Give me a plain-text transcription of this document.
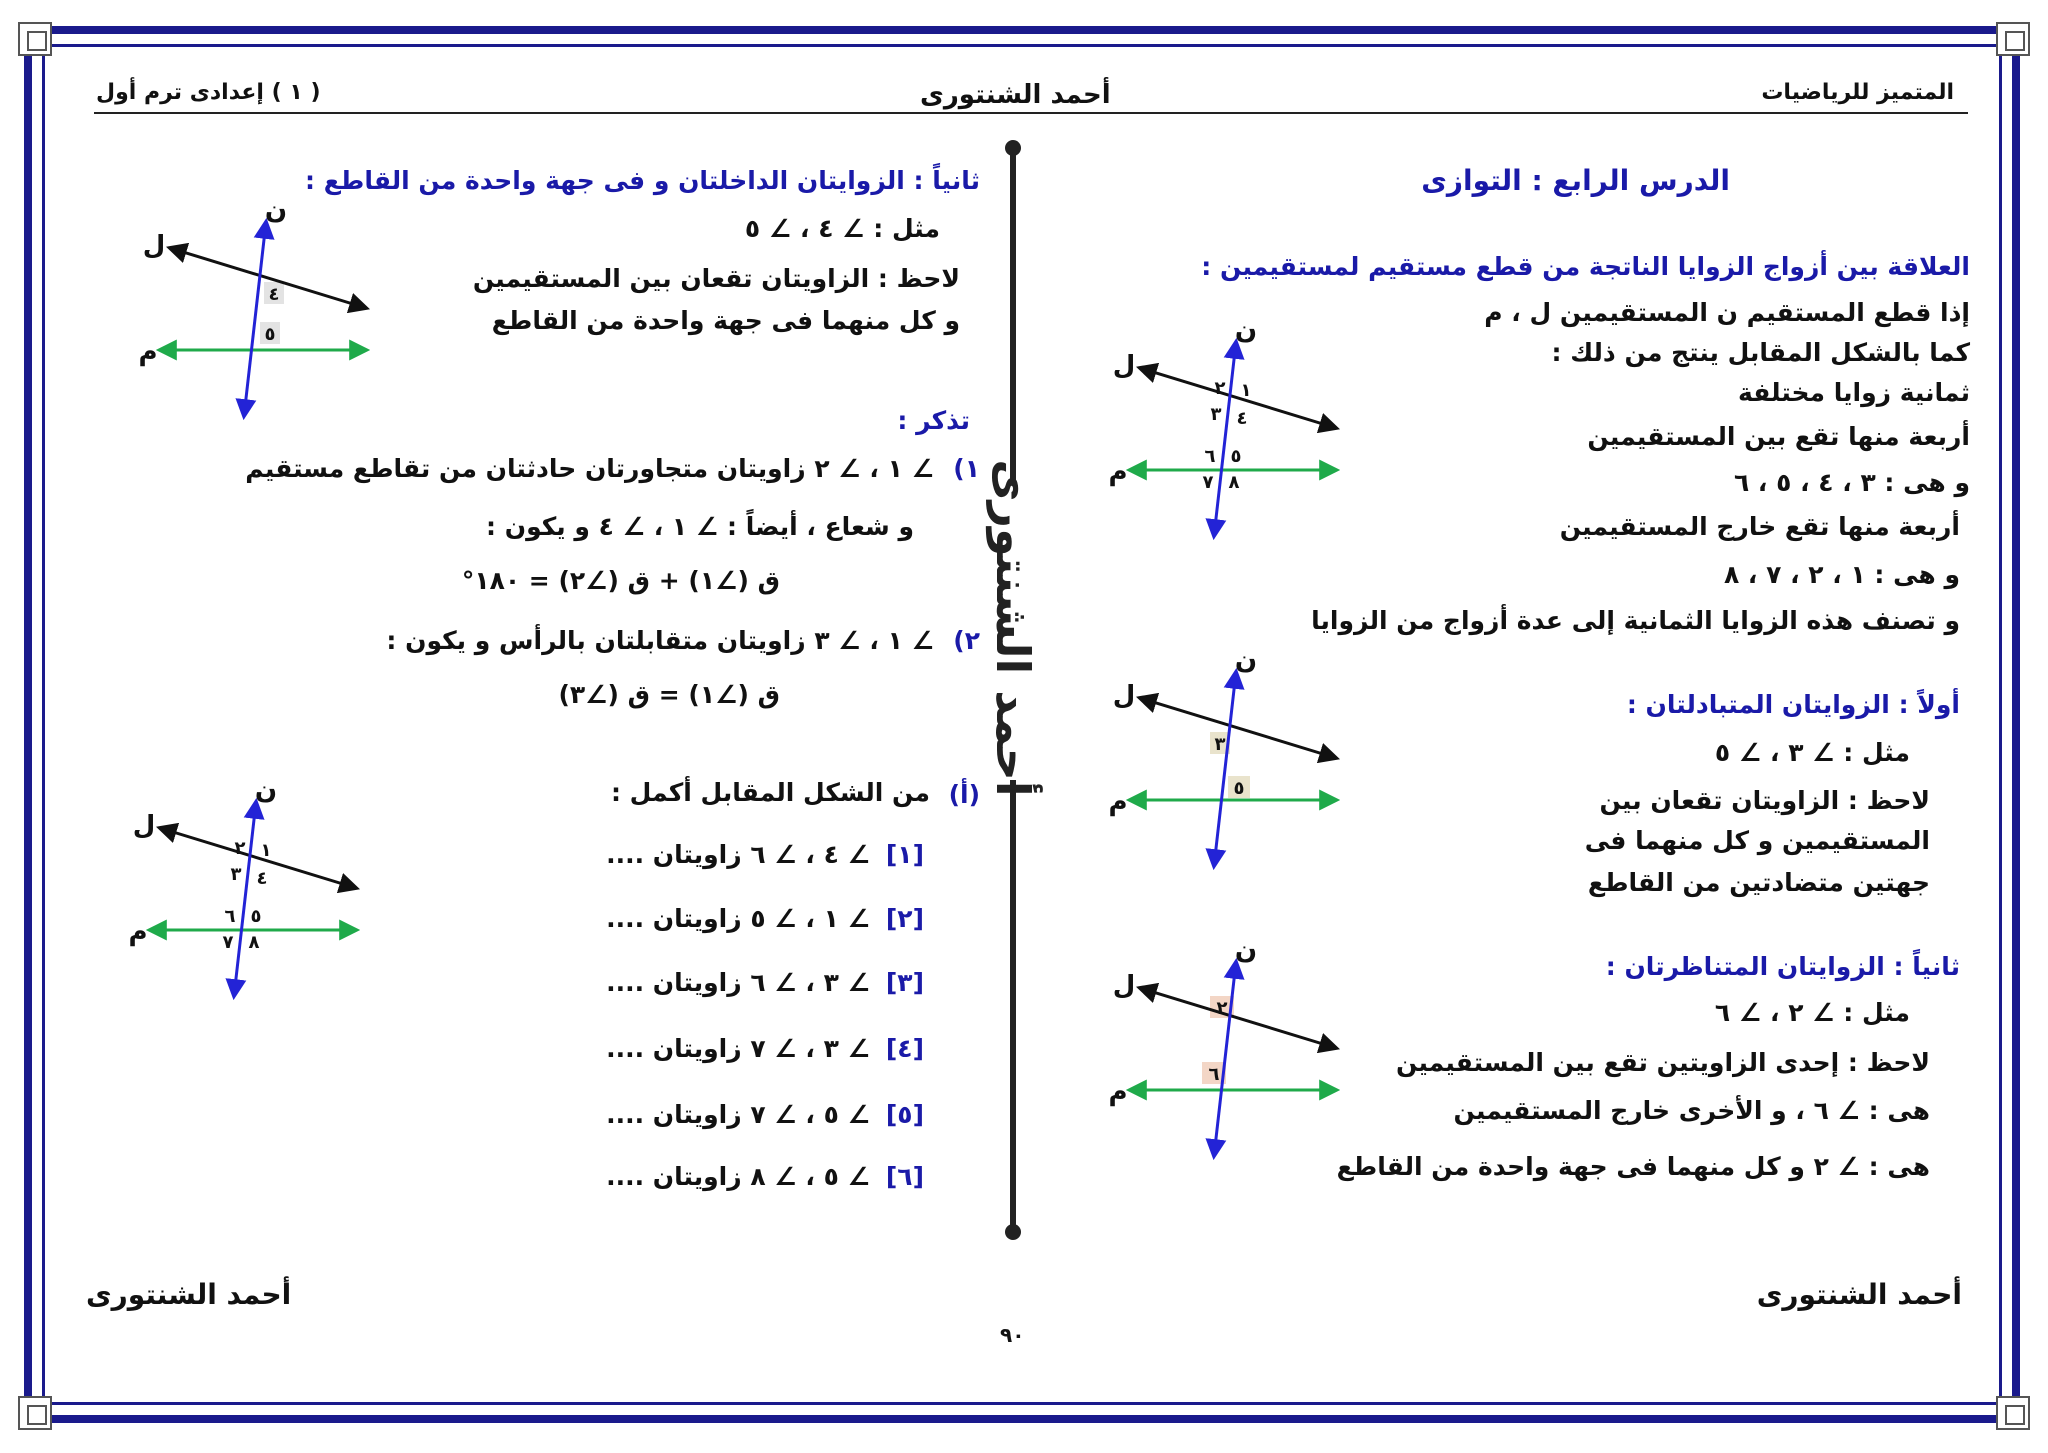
المتميز للرياضيات
أحمد الشنتورى
( ١ ) إعدادى ترم أول
أحمد الشنتورى
الدرس الرابع : التوازى
العلاقة بين أزواج الزوايا الناتجة من قطع مستقيم لمستقيمين :
إذا قطع المستقيم ن المستقيمين ل ، م
كما بالشكل المقابل ينتج من ذلك :
ثمانية زوايا مختلفة
أربعة منها تقع بين المستقيمين
و هى : ٣ ، ٤ ، ٥ ، ٦
أربعة منها تقع خارج المستقيمين
و هى : ١ ، ٢ ، ٧ ، ٨
و تصنف هذه الزوايا الثمانية إلى عدة أزواج من الزوايا
أولاً : الزوايتان المتبادلتان :
مثل : ∠ ٣ ، ∠ ٥
لاحظ : الزاويتان تقعان بين
المستقيمين و كل منهما فى
جهتين متضادتين من القاطع
ثانياً : الزوايتان المتناظرتان :
مثل : ∠ ٢ ، ∠ ٦
لاحظ : إحدى الزاويتين تقع بين المستقيمين
هى : ∠ ٦ ، و الأخرى خارج المستقيمين
هى : ∠ ٢ و كل منهما فى جهة واحدة من القاطع
ثانياً : الزوايتان الداخلتان و فى جهة واحدة من القاطع :
مثل : ∠ ٤ ، ∠ ٥
لاحظ : الزاويتان تقعان بين المستقيمين
و كل منهما فى جهة واحدة من القاطع
تذكر :
١)
∠ ١ ، ∠ ٢ زاويتان متجاورتان حادثتان من تقاطع مستقيم
و شعاع ، أيضاً : ∠ ١ ، ∠ ٤ و يكون :
ق (∠١) + ق (∠٢) = ١٨٠°
٢)
∠ ١ ، ∠ ٣ زاويتان متقابلتان بالرأس و يكون :
ق (∠١) = ق (∠٣)
(أ)
من الشكل المقابل أكمل :
[١]
∠ ٤ ، ∠ ٦ زاويتان ....
[٢]
∠ ١ ، ∠ ٥ زاويتان ....
[٣]
∠ ٣ ، ∠ ٦ زاويتان ....
[٤]
∠ ٣ ، ∠ ٧ زاويتان ....
[٥]
∠ ٥ ، ∠ ٧ زاويتان ....
[٦]
∠ ٥ ، ∠ ٨ زاويتان ....
ن
ل
م
٢ ١
٣ ٤
٦ ٥
٧ ٨
ن
ل
م
٣
٥
ن
ل
م
٢
٦
ن
ل
م
٤
٥
ن
ل
م
٢ ١
٣ ٤
٦ ٥
٧ ٨
أحمد الشنتورى
أحمد الشنتورى
٩٠
